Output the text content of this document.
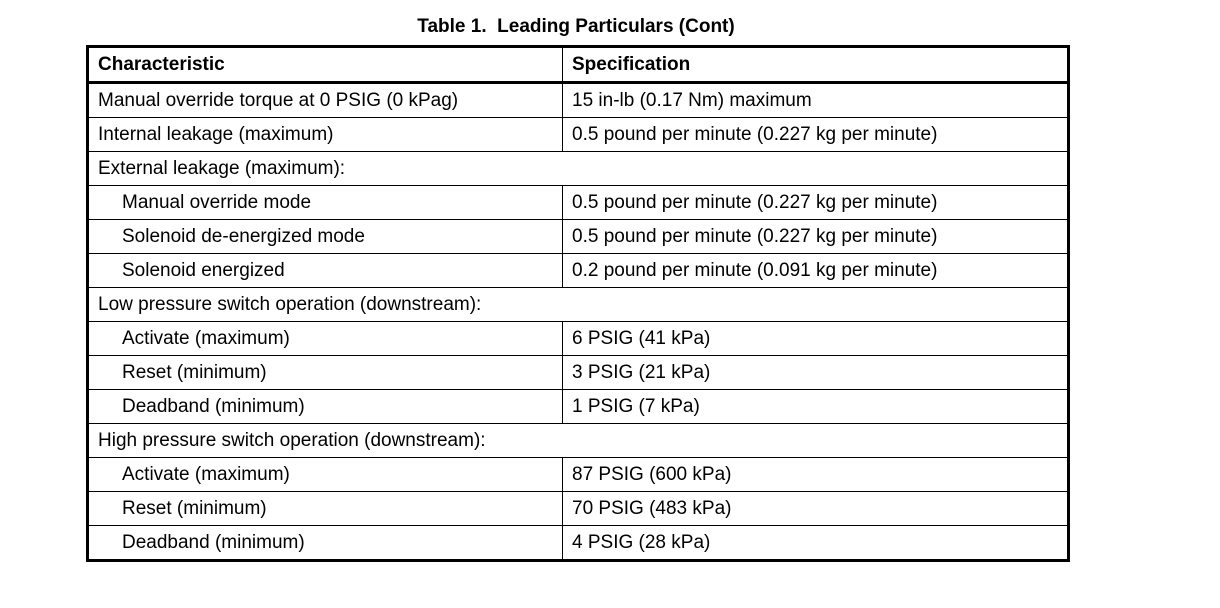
Table 1.  Leading Particulars (Cont)
Characteristic	Specification
Manual override torque at 0 PSIG (0 kPag)	15 in-lb (0.17 Nm) maximum
Internal leakage (maximum)	0.5 pound per minute (0.227 kg per minute)
External leakage (maximum):	
Manual override mode	0.5 pound per minute (0.227 kg per minute)
Solenoid de-energized mode	0.5 pound per minute (0.227 kg per minute)
Solenoid energized	0.2 pound per minute (0.091 kg per minute)
Low pressure switch operation (downstream):	
Activate (maximum)	6 PSIG (41 kPa)
Reset (minimum)	3 PSIG (21 kPa)
Deadband (minimum)	1 PSIG (7 kPa)
High pressure switch operation (downstream):	
Activate (maximum)	87 PSIG (600 kPa)
Reset (minimum)	70 PSIG (483 kPa)
Deadband (minimum)	4 PSIG (28 kPa)
